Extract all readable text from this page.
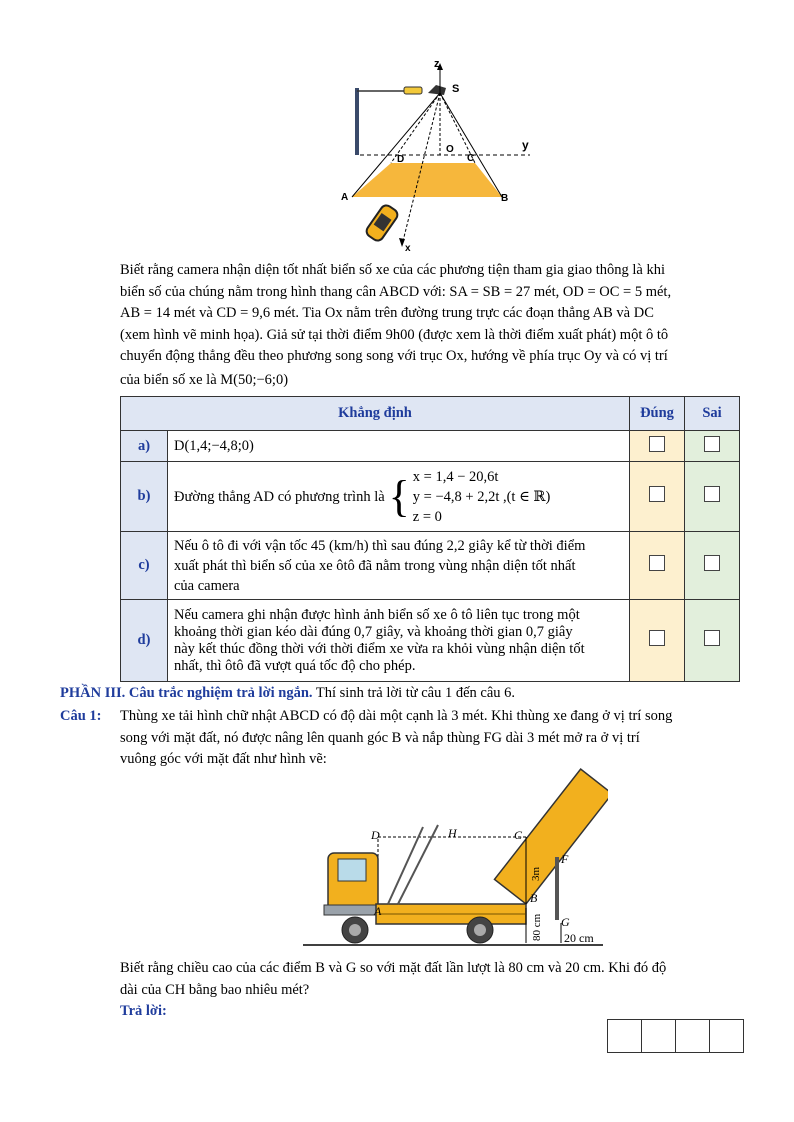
z
S
y
O
D	C
A	B
x
Biết rằng camera nhận diện tốt nhất biển số xe của các phương tiện tham gia giao thông là khi
biển số của chúng nằm trong hình thang cân ABCD với: SA = SB = 27 mét, OD = OC = 5 mét,
AB = 14 mét và CD = 9,6 mét. Tia Ox nằm trên đường trung trực các đoạn thẳng AB và DC
(xem hình vẽ minh họa). Giả sử tại thời điểm 9h00 (được xem là thời điểm xuất phát) một ô tô
chuyển động thẳng đều theo phương song song với trục Ox, hướng về phía trục Oy và có vị trí
của biển số xe là M(50;−6;0)
Khẳng định		Đúng	Sai
a)	D(1,4;−4,8;0)		
b)	Đường thẳng AD có phương trình là { x = 1,4 − 20,6t
y = −4,8 + 2,2t ,(t ∈ ℝ)
z = 0		

c)	Nếu ô tô đi với vận tốc 45 (km/h) thì sau đúng 2,2 giây kể từ thời điểm
xuất phát thì biển số của xe ôtô đã nằm trong vùng nhận diện tốt nhất
của camera		

d)	Nếu camera ghi nhận được hình ảnh biển số xe ô tô liên tục trong một
khoảng thời gian kéo dài đúng 0,7 giây, và khoảng thời gian 0,7 giây
này kết thúc đồng thời với thời điểm xe vừa ra khỏi vùng nhận diện tốt
nhất, thì ôtô đã vượt quá tốc độ cho phép.		

PHẦN III. Câu trắc nghiệm trả lời ngắn. Thí sinh trả lời từ câu 1 đến câu 6.
Câu 1: Thùng xe tải hình chữ nhật ABCD có độ dài một cạnh là 3 mét. Khi thùng xe đang ở vị trí song
song với mặt đất, nó được nâng lên quanh góc B và nắp thùng FG dài 3 mét mở ra ở vị trí
vuông góc với mặt đất như hình vẽ:
D	H	C
F
B
A
G
3m
80 cm 20 cm
Biết rằng chiều cao của các điểm B và G so với mặt đất lần lượt là 80 cm và 20 cm. Khi đó độ
dài của CH bằng bao nhiêu mét?
Trả lời:
